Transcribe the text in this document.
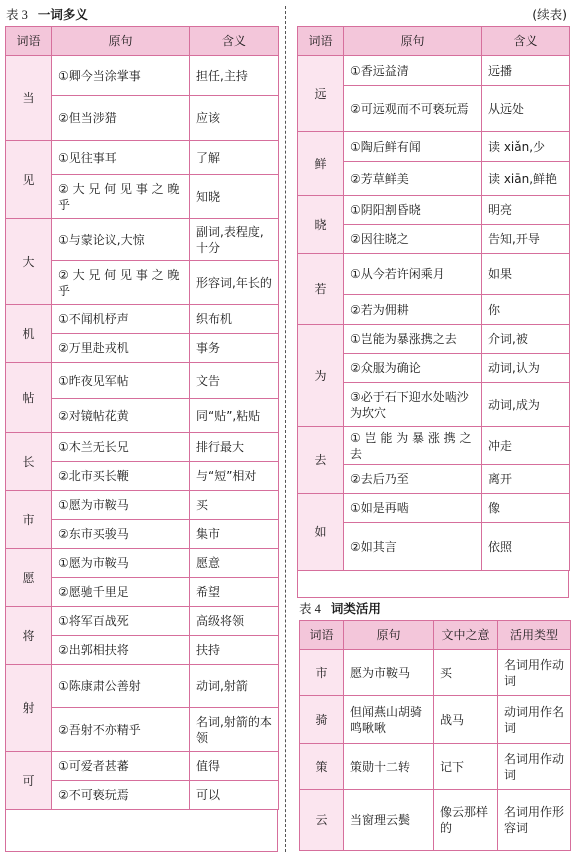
表 3 一词多义	(续表)
表 4 词类活用
词语	原句	含义
当	①卿今当涂掌事	担任,主持
	②但当涉猎	应该
见	①见往事耳	了解
	② 大 兄 何 见 事 之 晚乎	知晓
大	①与蒙论议,大惊	副词,表程度,十分
	② 大 兄 何 见 事 之 晚乎	形容词,年长的
机	①不闻机杼声	织布机
	②万里赴戎机	事务
帖	①昨夜见军帖	文告
	②对镜帖花黄	同“贴”,粘贴
长	①木兰无长兄	排行最大
	②北市买长鞭	与“短”相对
市	①愿为市鞍马	买
	②东市买骏马	集市
愿	①愿为市鞍马	愿意
	②愿驰千里足	希望
将	①将军百战死	高级将领
	②出郭相扶将	扶持
射	①陈康肃公善射	动词,射箭
	②吾射不亦精乎	名词,射箭的本领
可	①可爱者甚蕃	值得
	②不可亵玩焉	可以
词语	原句	含义
远	①香远益清	远播
	②可远观而不可亵玩焉	从远处
鲜	①陶后鲜有闻	读 xiǎn,少
	②芳草鲜美	读 xiān,鲜艳
晓	①阴阳割昏晓	明亮
	②因往晓之	告知,开导
若	①从今若许闲乘月	如果
	②若为佣耕	你
为	①岂能为暴涨携之去	介词,被
	②众服为确论	动词,认为
	③必于石下迎水处啮沙为坎穴	动词,成为
去	① 岂 能 为 暴 涨 携 之去	冲走
	②去后乃至	离开
如	①如是再啮	像
	②如其言	依照
词语	原句	文中之意	活用类型
市	愿为市鞍马	买	名词用作动词
骑	但闻燕山胡骑鸣啾啾	战马	动词用作名词
策	策勋十二转	记下	名词用作动词
云	当窗理云鬓	像云那样的	名词用作形容词
